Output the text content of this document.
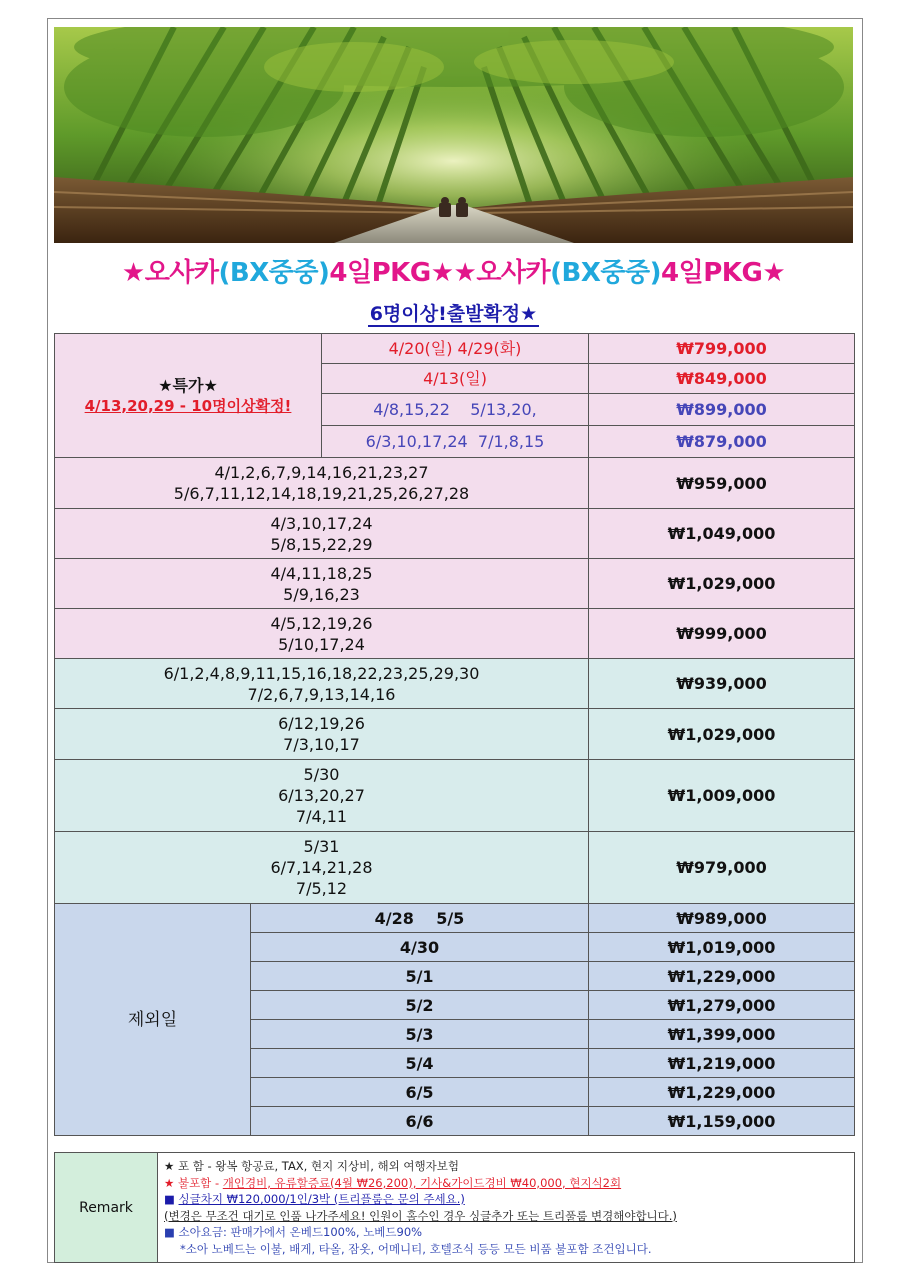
★오사카(BX중중)4일PKG★★오사카(BX중중)4일PKG★
6명이상!출발확정★
★특가★
4/13,20,29 - 10명이상확정!		4/20(일) 4/29(화)	₩799,000
		4/13(일)	₩849,000
		4/8,15,22    5/13,20,	₩899,000
		6/3,10,17,24  7/1,8,15	₩879,000

4/1,2,6,7,9,14,16,21,23,27
5/6,7,11,12,14,18,19,21,25,26,27,28			₩959,000

4/3,10,17,24
5/8,15,22,29			₩1,049,000

4/4,11,18,25
5/9,16,23			₩1,029,000

4/5,12,19,26
5/10,17,24			₩999,000

6/1,2,4,8,9,11,15,16,18,22,23,25,29,30
7/2,6,7,9,13,14,16			₩939,000

6/12,19,26
7/3,10,17			₩1,029,000

5/30
6/13,20,27
7/4,11			₩1,009,000

5/31
6/7,14,21,28
7/5,12			₩979,000
제외일	4/28    5/5		₩989,000
	4/30		₩1,019,000
	5/1		₩1,229,000
	5/2		₩1,279,000
	5/3		₩1,399,000
	5/4		₩1,219,000
	6/5		₩1,229,000
	6/6		₩1,159,000
Remark	
★ 포 함 - 왕복 항공료, TAX, 현지 지상비, 해외 여행자보험
★ 불포함 - 개인경비, 유류할증료(4월 ₩26,200), 기사&가이드경비 ₩40,000, 현지식2회
■ 싱글차지 ₩120,000/1인/3박 (트리플룸은 문의 주세요.)
(변경은 무조건 대기로 인품 나가주세요! 인원이 홀수인 경우 싱글추가 또는 트리풀룸 변경해야합니다.)
■ 소아요금: 판매가에서 온베드100%, 노베드90%
*소아 노베드는 이불, 배게, 타올, 잠옷, 어메니티, 호텔조식 등등 모든 비품 불포함 조건입니다.
